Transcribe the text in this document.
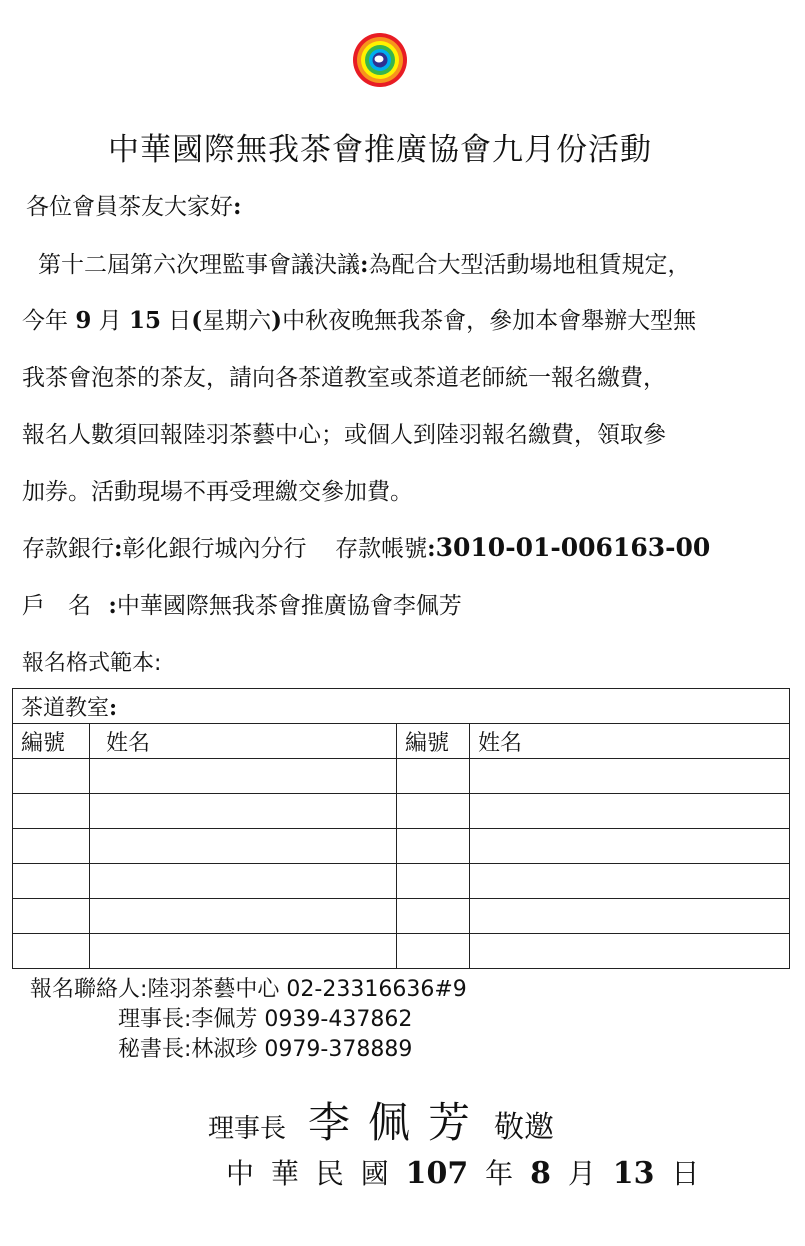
中華國際無我茶會推廣協會九月份活動
各位會員茶友大家好:
第十二屆第六次理監事會議決議:為配合大型活動場地租賃規定，
今年 9 月 15 日(星期六)中秋夜晚無我茶會，參加本會舉辦大型無
我茶會泡茶的茶友，請向各茶道教室或茶道老師統一報名繳費，
報名人數須回報陸羽茶藝中心；或個人到陸羽報名繳費，領取參
加券。活動現場不再受理繳交參加費。
存款銀行:彰化銀行城內分行 存款帳號:3010-01-006163-00
戶　名 :中華國際無我茶會推廣協會李佩芳
報名格式範本:
茶道教室:			
編號	姓名	編號	姓名

報名聯絡人:陸羽茶藝中心 02-23316636#9
理事長:李佩芳 0939-437862
秘書長:林淑珍 0979-378889
理事長 李佩芳 敬邀
中 華 民 國 107 年 8 月 13 日
